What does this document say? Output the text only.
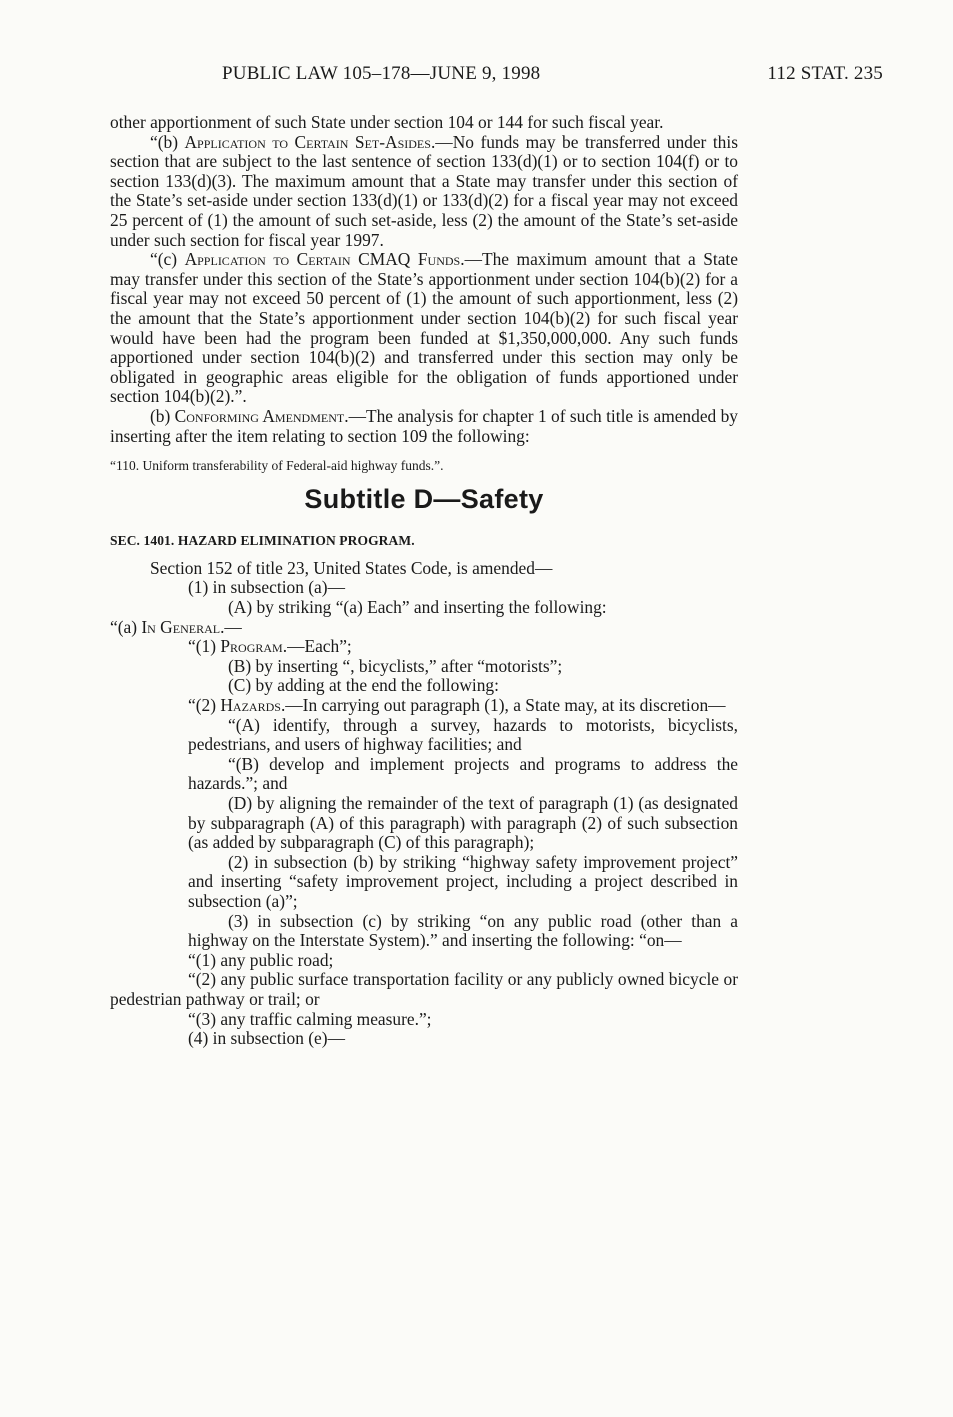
PUBLIC LAW 105–178—JUNE 9, 1998	112 STAT. 235

other apportionment of such State under section 104 or 144 for such fiscal year.

“(b) Application to Certain Set-Asides.—No funds may be transferred under this section that are subject to the last sentence of section 133(d)(1) or to section 104(f) or to section 133(d)(3). The maximum amount that a State may transfer under this section of the State’s set-aside under section 133(d)(1) or 133(d)(2) for a fiscal year may not exceed 25 percent of (1) the amount of such set-aside, less (2) the amount of the State’s set-aside under such section for fiscal year 1997.

“(c) Application to Certain CMAQ Funds.—The maximum amount that a State may transfer under this section of the State’s apportionment under section 104(b)(2) for a fiscal year may not exceed 50 percent of (1) the amount of such apportionment, less (2) the amount that the State’s apportionment under section 104(b)(2) for such fiscal year would have been had the program been funded at $1,350,000,000. Any such funds apportioned under section 104(b)(2) and transferred under this section may only be obligated in geographic areas eligible for the obligation of funds apportioned under section 104(b)(2).”.

(b) Conforming Amendment.—The analysis for chapter 1 of such title is amended by inserting after the item relating to section 109 the following:

“110. Uniform transferability of Federal-aid highway funds.”.

Subtitle D—Safety

SEC. 1401. HAZARD ELIMINATION PROGRAM.

Section 152 of title 23, United States Code, is amended—

(1) in subsection (a)—

(A) by striking “(a) Each” and inserting the following:

“(a) In General.—

“(1) Program.—Each”;

(B) by inserting “, bicyclists,” after “motorists”;

(C) by adding at the end the following:

“(2) Hazards.—In carrying out paragraph (1), a State may, at its discretion—

“(A) identify, through a survey, hazards to motorists, bicyclists, pedestrians, and users of highway facilities; and

“(B) develop and implement projects and programs to address the hazards.”; and

(D) by aligning the remainder of the text of paragraph (1) (as designated by subparagraph (A) of this paragraph) with paragraph (2) of such subsection (as added by subparagraph (C) of this paragraph);

(2) in subsection (b) by striking “highway safety improvement project” and inserting “safety improvement project, including a project described in subsection (a)”;

(3) in subsection (c) by striking “on any public road (other than a highway on the Interstate System).” and inserting the following: “on—

“(1) any public road;

“(2) any public surface transportation facility or any publicly owned bicycle or pedestrian pathway or trail; or

“(3) any traffic calming measure.”;

(4) in subsection (e)—
